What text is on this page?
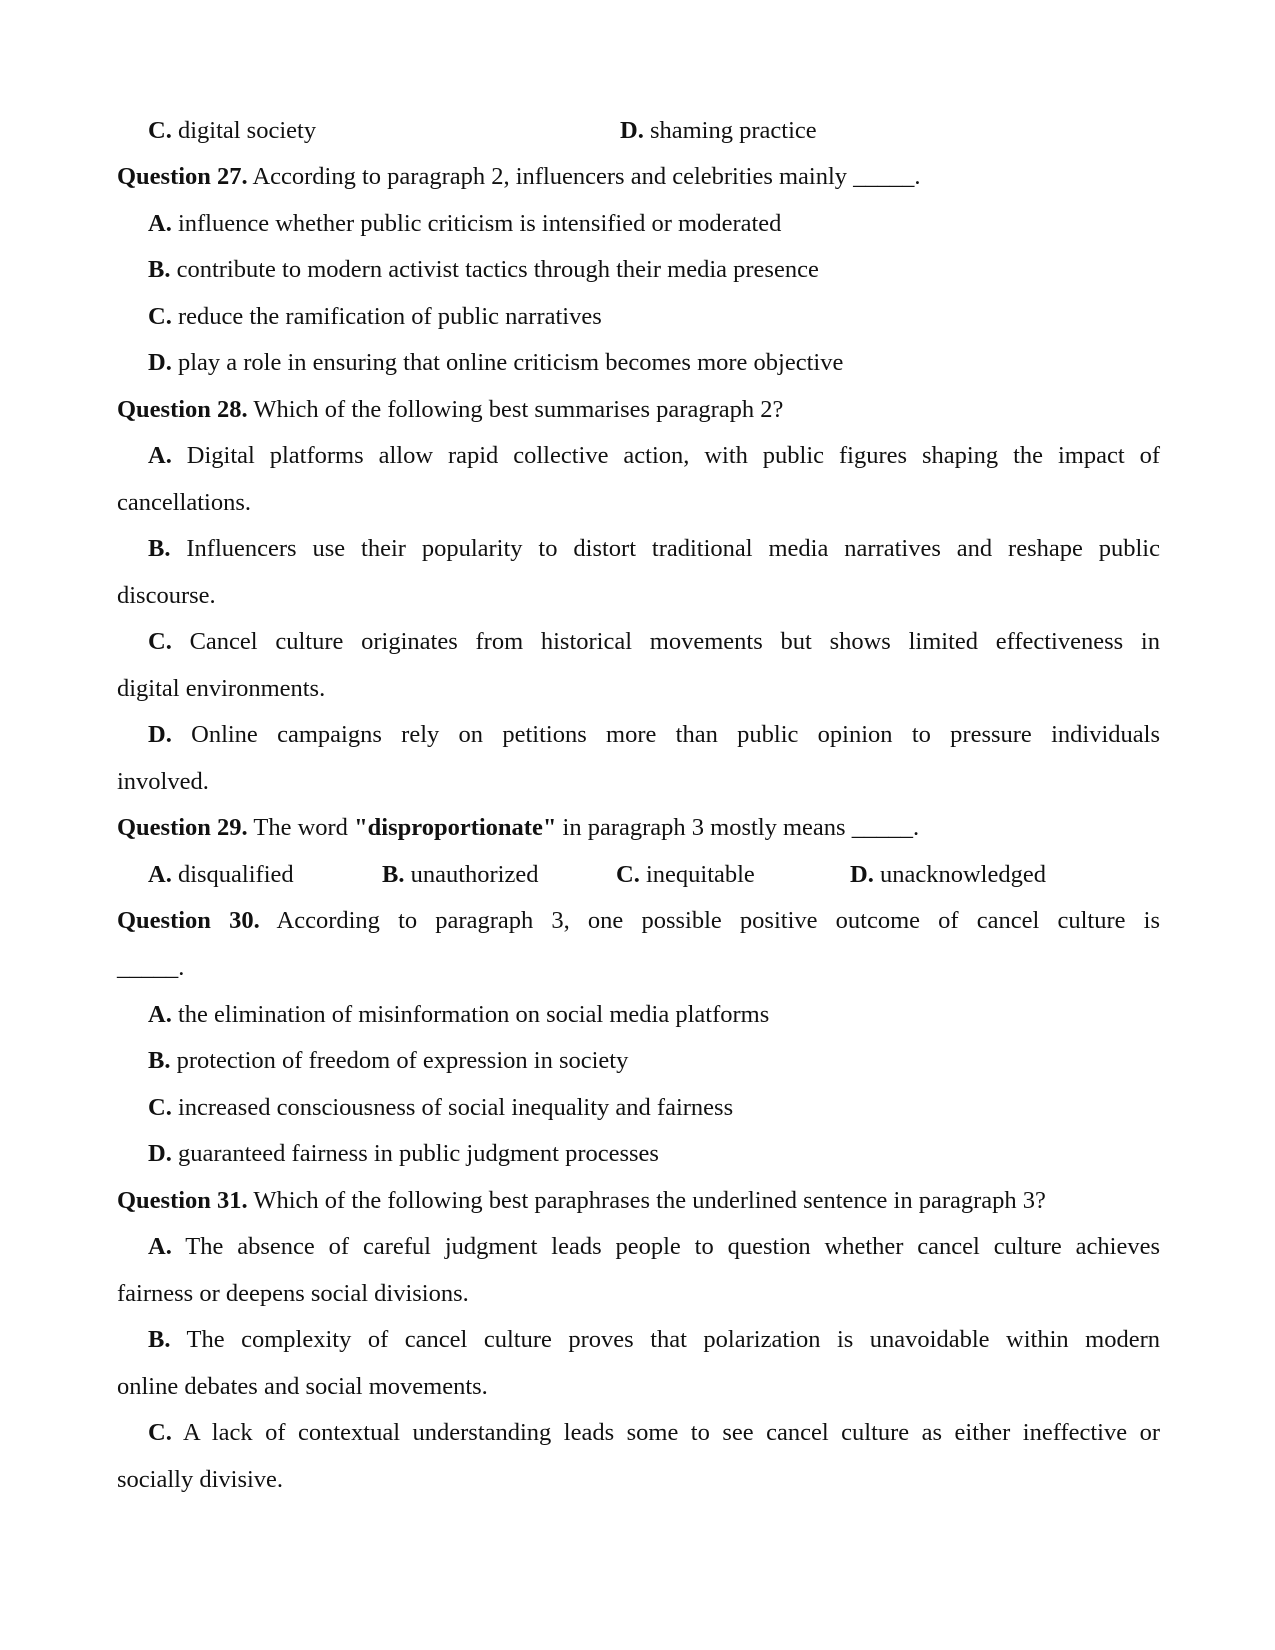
C. digital society	D. shaming practice
Question 27. According to paragraph 2, influencers and celebrities mainly _____.
A. influence whether public criticism is intensified or moderated
B. contribute to modern activist tactics through their media presence
C. reduce the ramification of public narratives
D. play a role in ensuring that online criticism becomes more objective
Question 28. Which of the following best summarises paragraph 2?
A. Digital platforms allow rapid collective action, with public figures shaping the impact of
cancellations.
B. Influencers use their popularity to distort traditional media narratives and reshape public
discourse.
C. Cancel culture originates from historical movements but shows limited effectiveness in
digital environments.
D. Online campaigns rely on petitions more than public opinion to pressure individuals
involved.
Question 29. The word "disproportionate" in paragraph 3 mostly means _____.
A. disqualified	B. unauthorized	C. inequitable	D. unacknowledged
Question 30. According to paragraph 3, one possible positive outcome of cancel culture is
_____.
A. the elimination of misinformation on social media platforms
B. protection of freedom of expression in society
C. increased consciousness of social inequality and fairness
D. guaranteed fairness in public judgment processes
Question 31. Which of the following best paraphrases the underlined sentence in paragraph 3?
A. The absence of careful judgment leads people to question whether cancel culture achieves
fairness or deepens social divisions.
B. The complexity of cancel culture proves that polarization is unavoidable within modern
online debates and social movements.
C. A lack of contextual understanding leads some to see cancel culture as either ineffective or
socially divisive.
